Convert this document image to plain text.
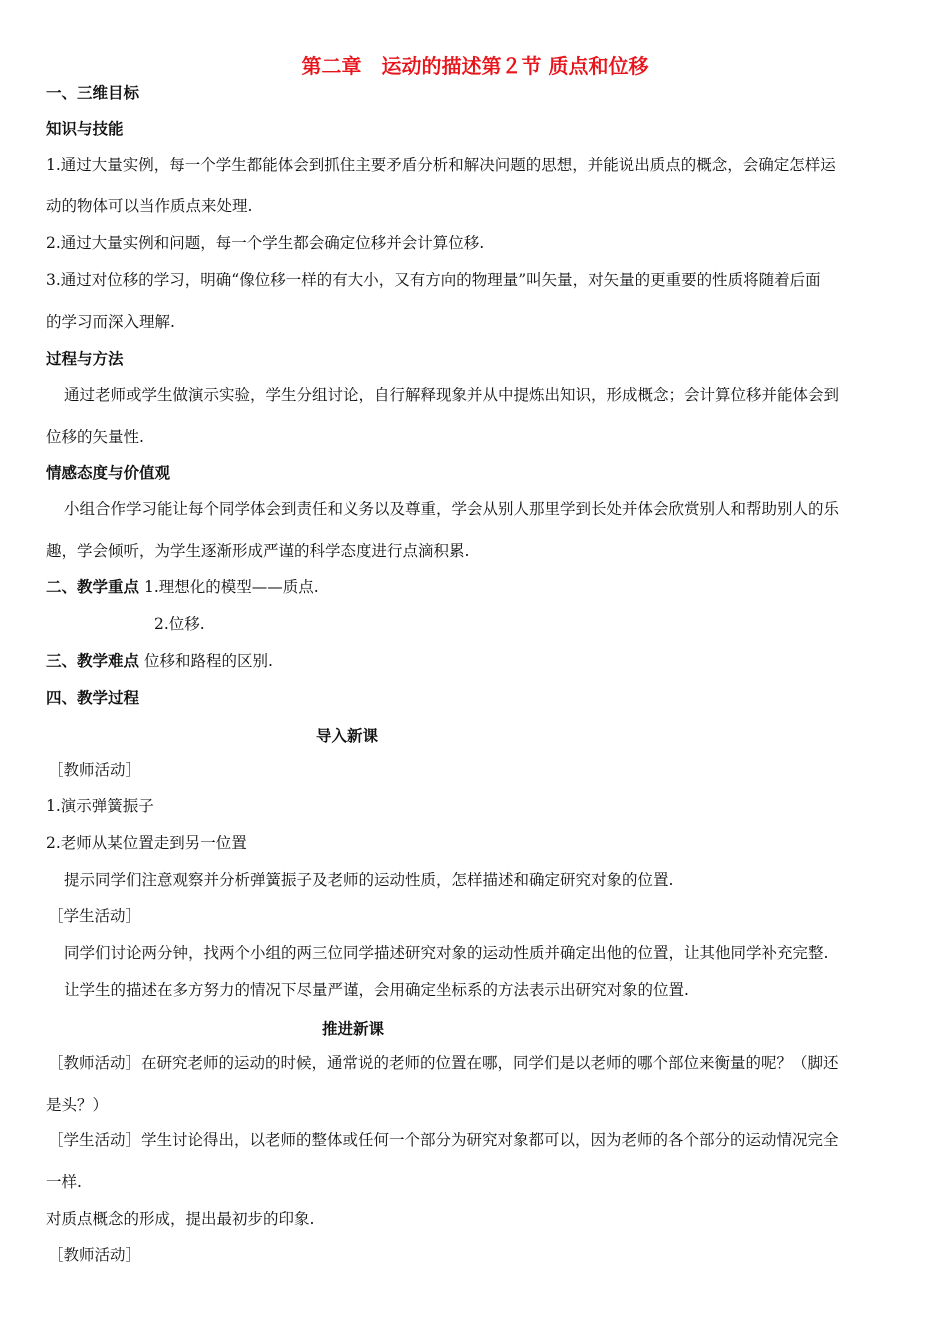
第二章　运动的描述第２节 质点和位移
一、三维目标
知识与技能
1.通过大量实例，每一个学生都能体会到抓住主要矛盾分析和解决问题的思想，并能说出质点的概念，会确定怎样运
动的物体可以当作质点来处理.
2.通过大量实例和问题，每一个学生都会确定位移并会计算位移.
3.通过对位移的学习，明确“像位移一样的有大小，又有方向的物理量”叫矢量，对矢量的更重要的性质将随着后面
的学习而深入理解.
过程与方法
通过老师或学生做演示实验，学生分组讨论，自行解释现象并从中提炼出知识，形成概念；会计算位移并能体会到
位移的矢量性.
情感态度与价值观
小组合作学习能让每个同学体会到责任和义务以及尊重，学会从别人那里学到长处并体会欣赏别人和帮助别人的乐
趣，学会倾听，为学生逐渐形成严谨的科学态度进行点滴积累.
二、教学重点 1.理想化的模型——质点.
2.位移.
三、教学难点 位移和路程的区别.
四、教学过程
导入新课
［教师活动］
1.演示弹簧振子
2.老师从某位置走到另一位置
提示同学们注意观察并分析弹簧振子及老师的运动性质，怎样描述和确定研究对象的位置.
［学生活动］
同学们讨论两分钟，找两个小组的两三位同学描述研究对象的运动性质并确定出他的位置，让其他同学补充完整.
让学生的描述在多方努力的情况下尽量严谨，会用确定坐标系的方法表示出研究对象的位置.
推进新课
［教师活动］在研究老师的运动的时候，通常说的老师的位置在哪，同学们是以老师的哪个部位来衡量的呢？（脚还
是头？）
［学生活动］学生讨论得出，以老师的整体或任何一个部分为研究对象都可以，因为老师的各个部分的运动情况完全
一样.
对质点概念的形成，提出最初步的印象.
［教师活动］
